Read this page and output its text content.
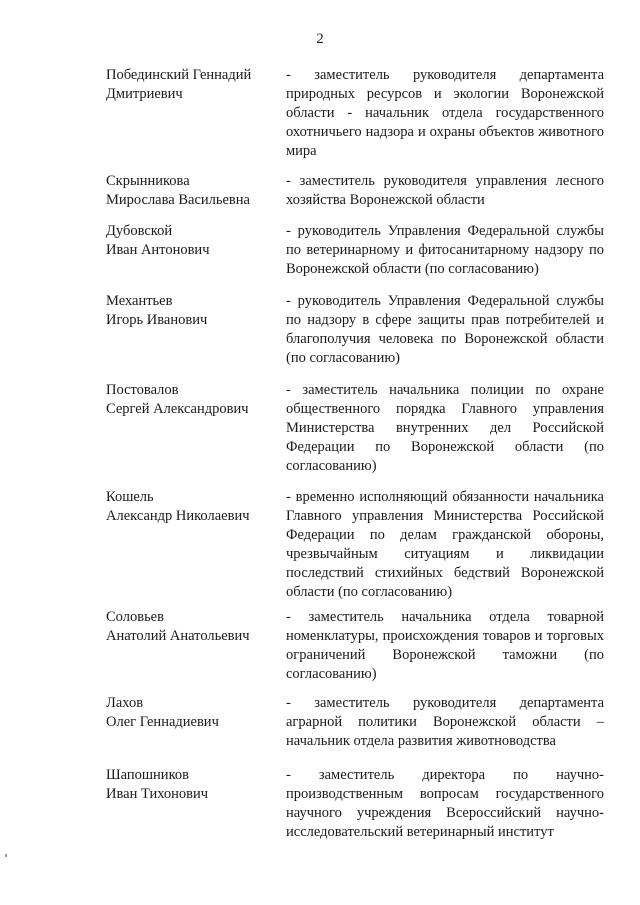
2
Побединский Геннадий
Дмитриевич
- заместитель руководителя департамента природных ресурсов и экологии Воронежской области - начальник отдела государственного охотничьего надзора и охраны объектов животного мира
Скрынникова
Мирослава Васильевна
- заместитель руководителя управления лесного хозяйства Воронежской области
Дубовской
Иван Антонович
- руководитель Управления Федеральной службы по ветеринарному и фитосанитарному надзору по Воронежской области (по согласованию)
Механтьев
Игорь Иванович
- руководитель Управления Федеральной службы по надзору в сфере защиты прав потребителей и благополучия человека по Воронежской области (по согласованию)
Постовалов
Сергей Александрович
- заместитель начальника полиции по охране общественного порядка Главного управления Министерства внутренних дел Российской Федерации по Воронежской области (по согласованию)
Кошель
Александр Николаевич
- временно исполняющий обязанности начальника Главного управления Министерства Российской Федерации по делам гражданской обороны, чрезвычайным ситуациям и ликвидации последствий стихийных бедствий Воронежской области (по согласованию)
Соловьев
Анатолий Анатольевич
- заместитель начальника отдела товарной номенклатуры, происхождения товаров и торговых ограничений Воронежской таможни (по согласованию)
Лахов
Олег Геннадиевич
- заместитель руководителя департамента аграрной политики Воронежской области – начальник отдела развития животноводства
Шапошников
Иван Тихонович
- заместитель директора по научно-производственным вопросам государственного научного учреждения Всероссийский научно-исследовательский ветеринарный институт
